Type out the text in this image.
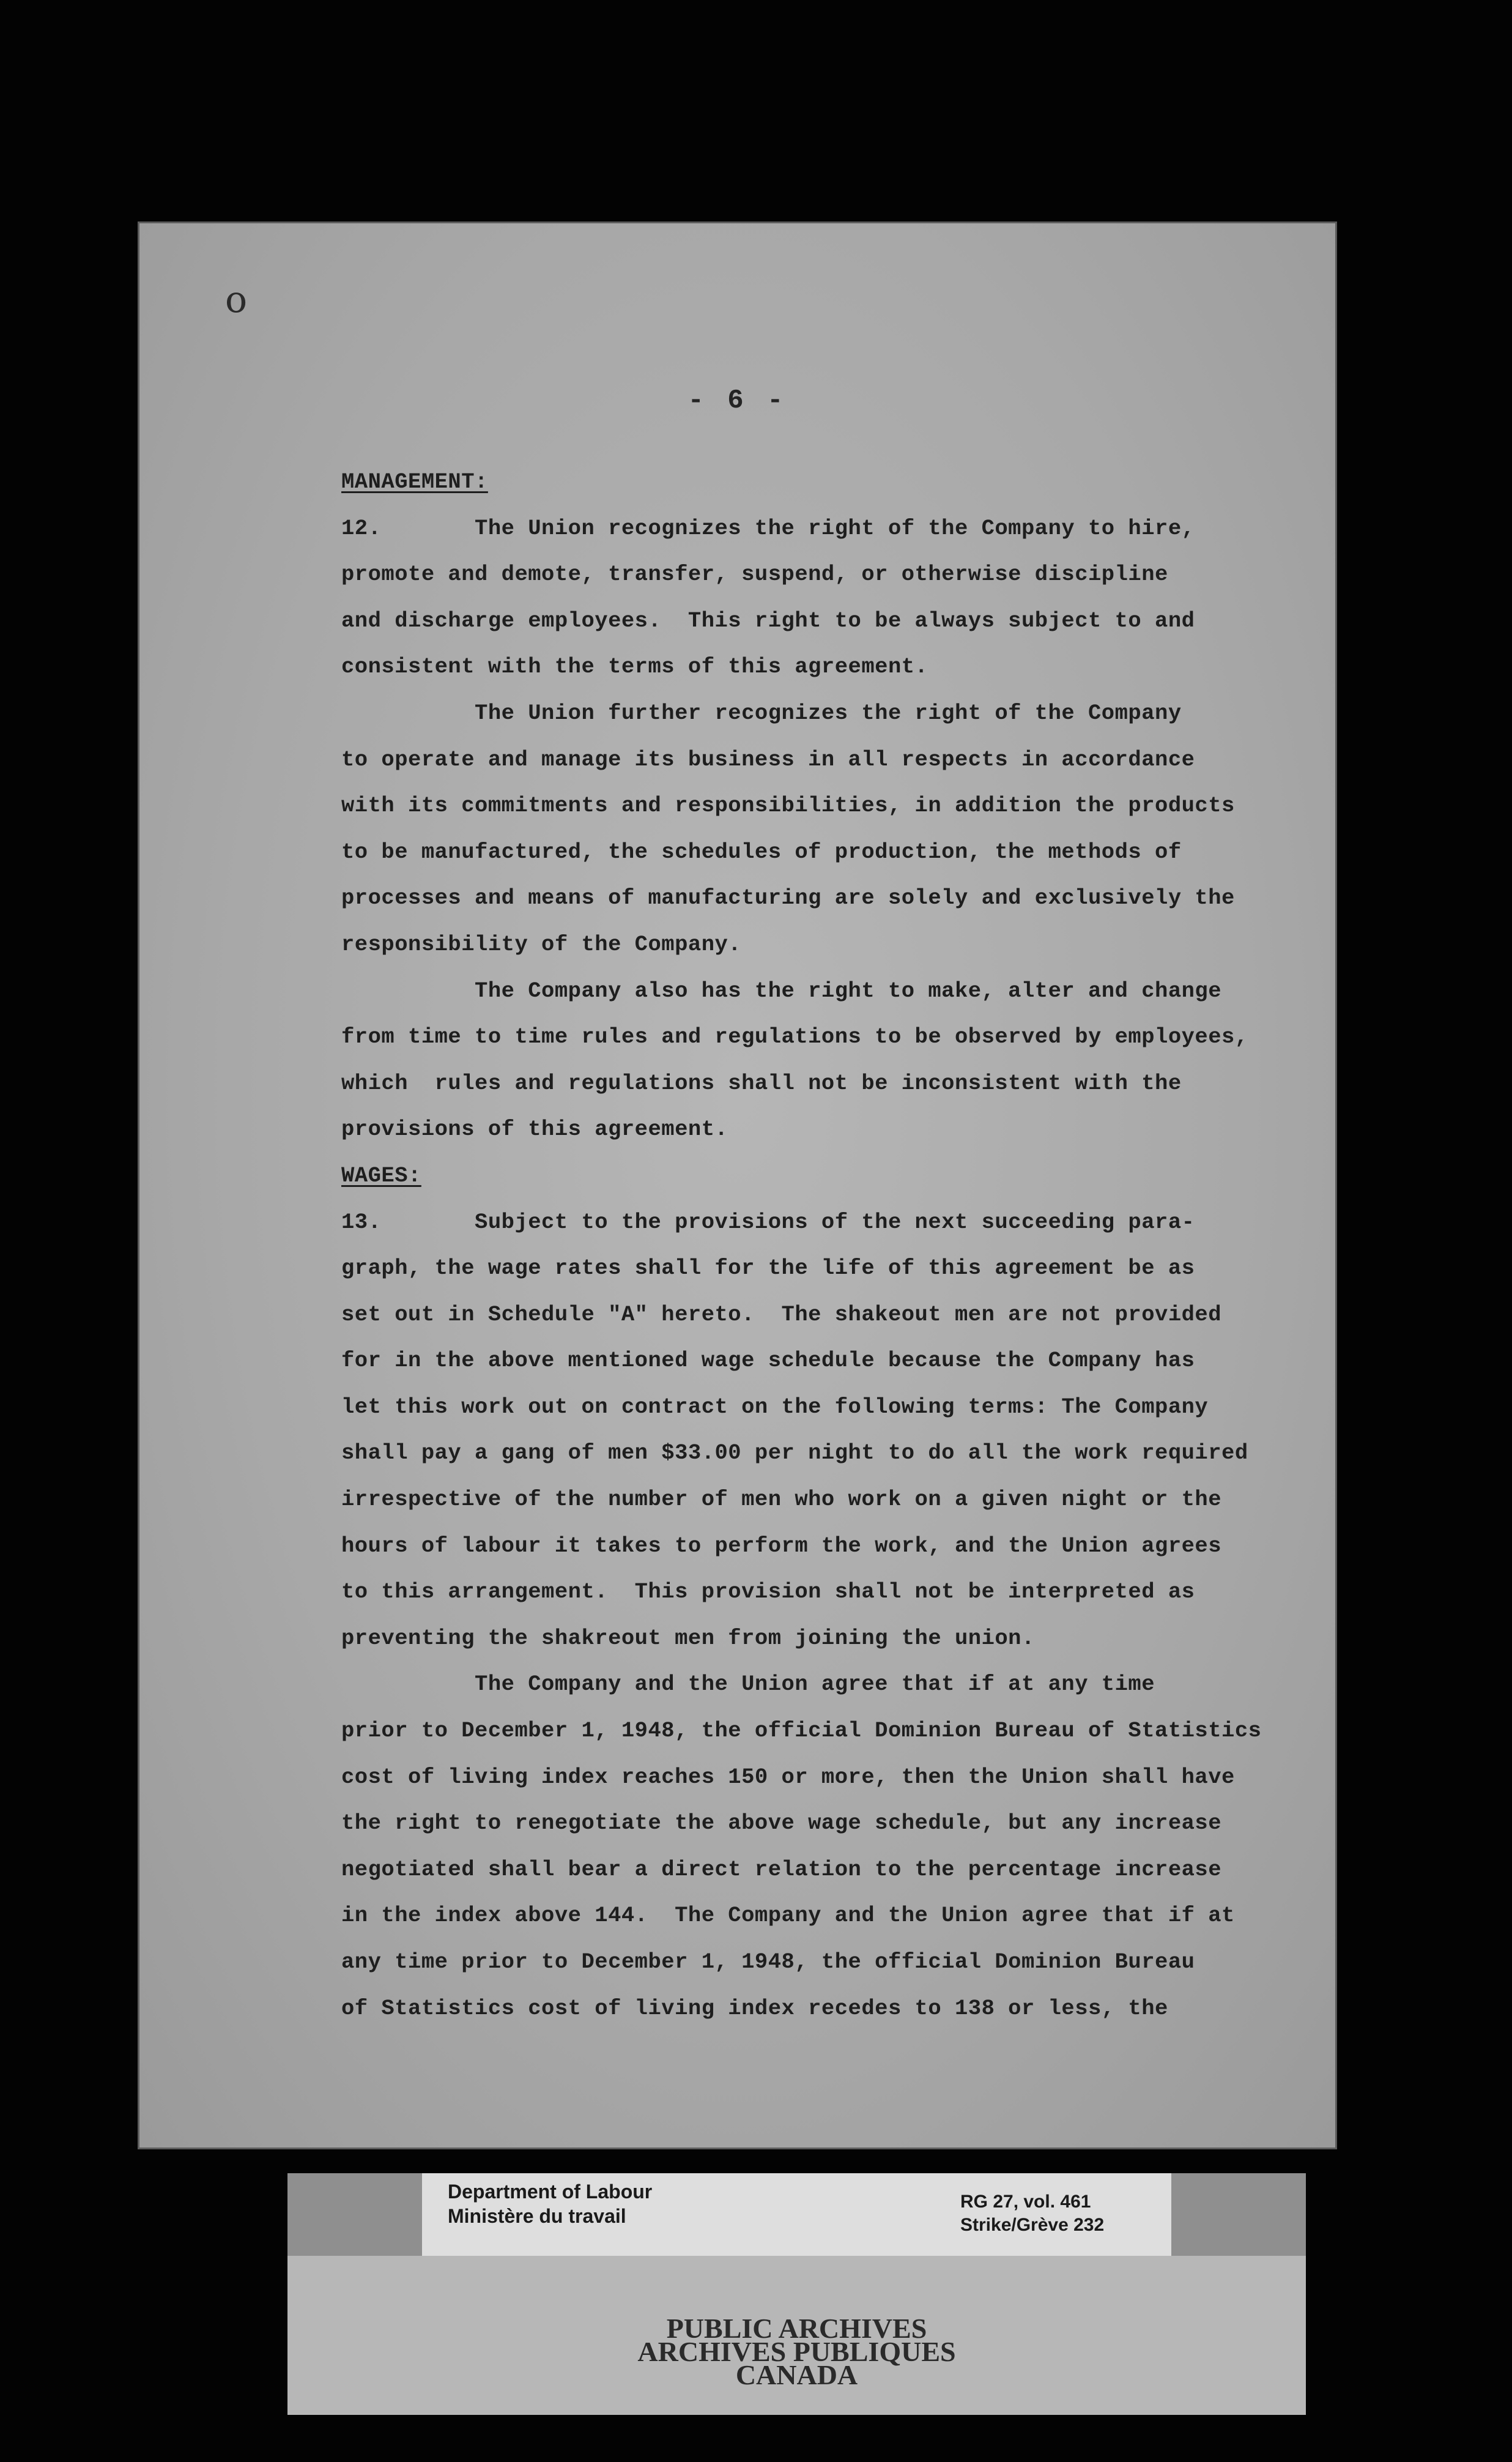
o
- 6 -
MANAGEMENT:
12.       The Union recognizes the right of the Company to hire,
promote and demote, transfer, suspend, or otherwise discipline
and discharge employees.  This right to be always subject to and
consistent with the terms of this agreement.
The Union further recognizes the right of the Company
to operate and manage its business in all respects in accordance
with its commitments and responsibilities, in addition the products
to be manufactured, the schedules of production, the methods of
processes and means of manufacturing are solely and exclusively the
responsibility of the Company.
The Company also has the right to make, alter and change
from time to time rules and regulations to be observed by employees,
which  rules and regulations shall not be inconsistent with the
provisions of this agreement.
WAGES:
13.       Subject to the provisions of the next succeeding para-
graph, the wage rates shall for the life of this agreement be as
set out in Schedule "A" hereto.  The shakeout men are not provided
for in the above mentioned wage schedule because the Company has
let this work out on contract on the following terms: The Company
shall pay a gang of men $33.00 per night to do all the work required
irrespective of the number of men who work on a given night or the
hours of labour it takes to perform the work, and the Union agrees
to this arrangement.  This provision shall not be interpreted as
preventing the shakreout men from joining the union.
The Company and the Union agree that if at any time
prior to December 1, 1948, the official Dominion Bureau of Statistics
cost of living index reaches 150 or more, then the Union shall have
the right to renegotiate the above wage schedule, but any increase
negotiated shall bear a direct relation to the percentage increase
in the index above 144.  The Company and the Union agree that if at
any time prior to December 1, 1948, the official Dominion Bureau
of Statistics cost of living index recedes to 138 or less, the
Department of Labour
Ministère du travail
RG 27, vol. 461
Strike/Grève 232
PUBLIC ARCHIVES
ARCHIVES PUBLIQUES
CANADA
